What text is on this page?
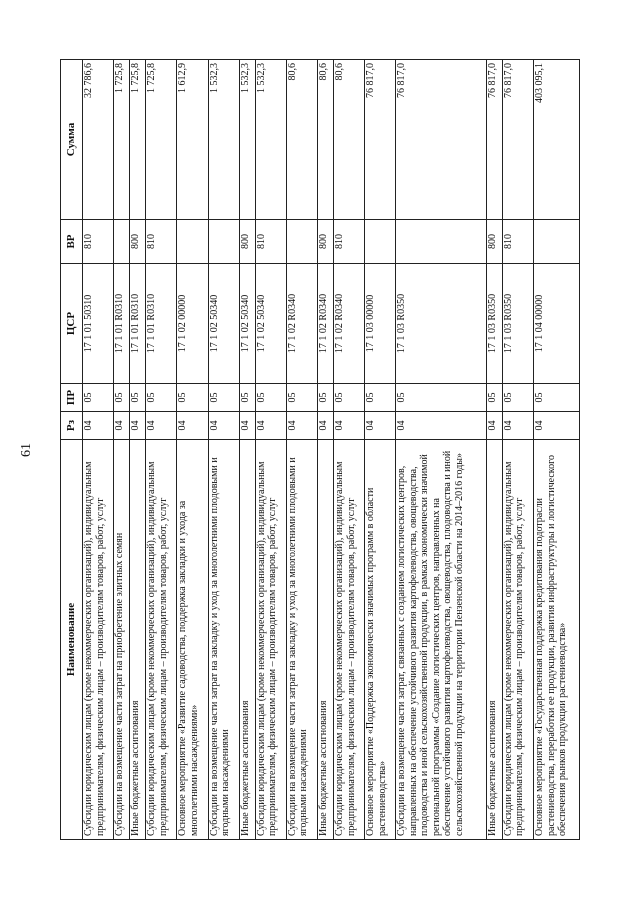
61
Наименование	Рз	ПР	ЦСР	ВР	Сумма
Субсидии юридическим лицам (кроме некоммерческих организаций), индивидуальным предпринимателям, физическим лицам – производителям товаров, работ, услуг	04	05	17 1 01 50310	810	32 786,6
Субсидии на возмещение части затрат на приобретение элитных семян	04	05	17 1 01 R0310		1 725,8
Иные бюджетные ассигнования	04	05	17 1 01 R0310	800	1 725,8
Субсидии юридическим лицам (кроме некоммерческих организаций), индивидуальным предпринимателям, физическим лицам – производителям товаров, работ, услуг	04	05	17 1 01 R0310	810	1 725,8
Основное мероприятие «Развитие садоводства, поддержка закладки и ухода за многолетними насаждениями»	04	05	17 1 02 00000		1 612,9
Субсидии на возмещение части затрат на закладку и уход за многолетними плодовыми и ягодными насаждениями	04	05	17 1 02 50340		1 532,3
Иные бюджетные ассигнования	04	05	17 1 02 50340	800	1 532,3
Субсидии юридическим лицам (кроме некоммерческих организаций), индивидуальным предпринимателям, физическим лицам – производителям товаров, работ, услуг	04	05	17 1 02 50340	810	1 532,3
Субсидии на возмещение части затрат на закладку и уход за многолетними плодовыми и ягодными насаждениями	04	05	17 1 02 R0340		80,6
Иные бюджетные ассигнования	04	05	17 1 02 R0340	800	80,6
Субсидии юридическим лицам (кроме некоммерческих организаций), индивидуальным предпринимателям, физическим лицам – производителям товаров, работ, услуг	04	05	17 1 02 R0340	810	80,6
Основное мероприятие «Поддержка экономически значимых программ в области растениеводства»	04	05	17 1 03 00000		76 817,0
Субсидии на возмещение части затрат, связанных с созданием логистических центров, направленных на обеспечение устойчивого развития картофелеводства, овощеводства, плодоводства и иной сельскохозяйственной продукции, в рамках экономически значимой региональной программы «Создание логистических центров, направленных на обеспечение устойчивого развития картофелеводства, овощеводства, плодоводства и иной сельскохозяйственной продукции на территории Пензенской области на 2014–2016 годы»	04	05	17 1 03 R0350		76 817,0
Иные бюджетные ассигнования	04	05	17 1 03 R0350	800	76 817,0
Субсидии юридическим лицам (кроме некоммерческих организаций), индивидуальным предпринимателям, физическим лицам – производителям товаров, работ, услуг	04	05	17 1 03 R0350	810	76 817,0
Основное мероприятие «Государственная поддержка кредитования подотрасли растениеводства, переработки ее продукции, развития инфраструктуры и логистического обеспечения рынков продукции растениеводства»	04	05	17 1 04 00000		403 095,1
